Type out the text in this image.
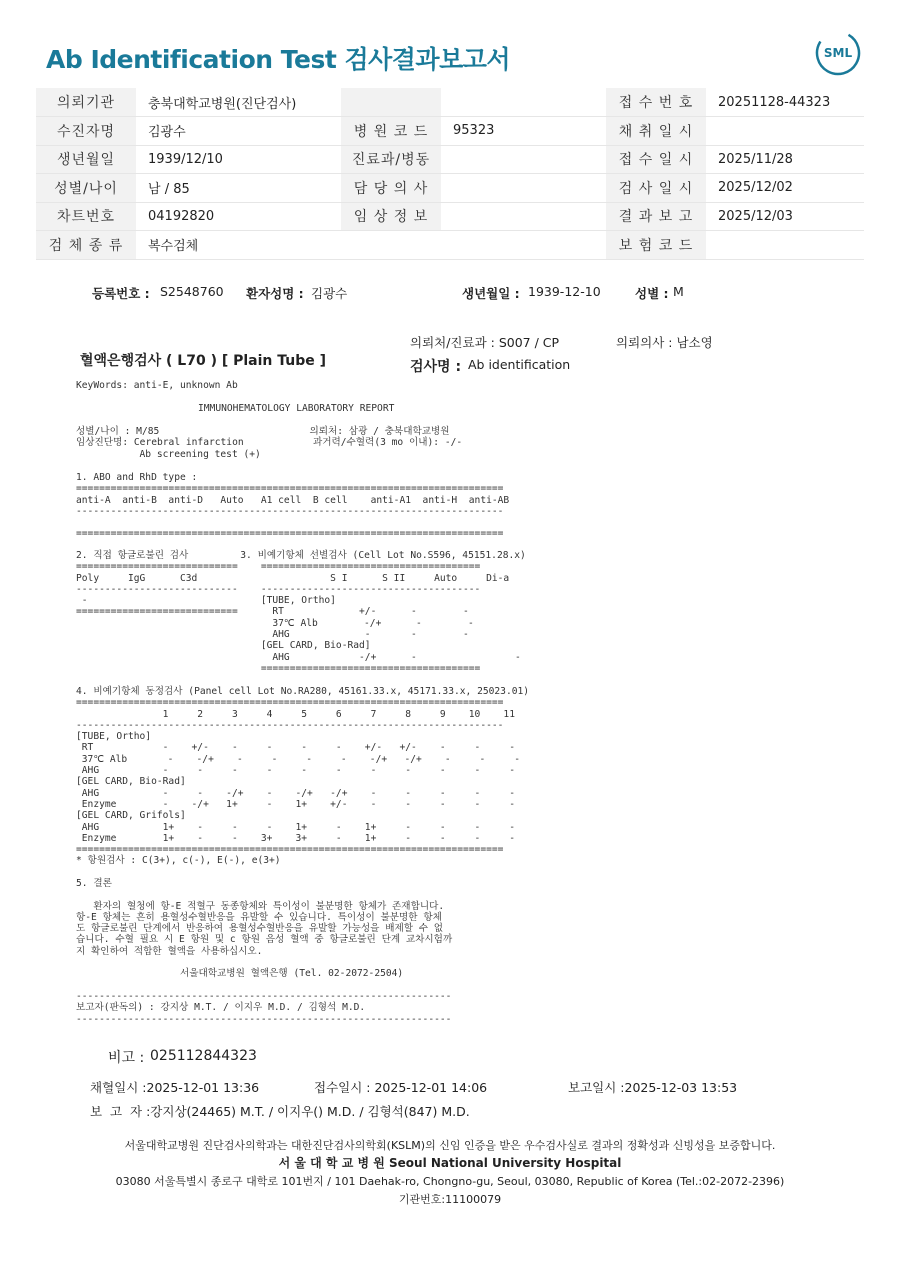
Ab Identification Test 검사결과보고서	SML
의뢰기관	충북대학교병원(진단검사)			접 수 번 호	20251128-44323
수진자명	김광수	병 원 코 드	95323	채 취 일 시	
생년월일	1939/12/10	진료과/병동		접 수 일 시	2025/11/28
성별/나이	남 / 85	담 당 의 사		검 사 일 시	2025/12/02
차트번호	04192820	임 상 정 보		결 과 보 고	2025/12/03
검 체 종 류	복수검체			보 험 코 드	
등록번호 : S2548760 환자성명 : 김광수	생년월일 : 1939-12-10	성별 : M
의뢰처/진료과 : S007 / CP	의뢰의사 : 남소영
혈액은행검사 ( L70 ) [ Plain Tube ]	검사명 : Ab identification
KeyWords: anti-E, unknown Ab
IMMUNOHEMATOLOGY LABORATORY REPORT
성별/나이 : M/85                          의뢰처: 삼광 / 충북대학교병원
임상진단명: Cerebral infarction            과거력/수혈력(3 mo 이내): -/-
Ab screening test (+)
1. ABO and RhD type :
==========================================================================
anti-A  anti-B  anti-D   Auto   A1 cell  B cell    anti-A1  anti-H  anti-AB
--------------------------------------------------------------------------

==========================================================================
2. 직접 항글로불린 검사         3. 비예기항체 선별검사 (Cell Lot No.S596, 45151.28.x)
============================    ======================================
Poly     IgG      C3d                       S I      S II     Auto     Di-a
----------------------------    --------------------------------------
-                              [TUBE, Ortho]
============================      RT             +/-      -        -
37℃ Alb        -/+      -        -
AHG             -       -        -
[GEL CARD, Bio-Rad]
AHG            -/+      -                 -
======================================
4. 비예기항체 동정검사 (Panel cell Lot No.RA280, 45161.33.x, 45171.33.x, 25023.01)
==========================================================================
1     2     3     4     5     6     7     8     9    10    11
--------------------------------------------------------------------------
[TUBE, Ortho]
RT            -    +/-    -     -     -     -    +/-   +/-    -     -     -
37℃ Alb       -    -/+    -     -     -     -    -/+   -/+    -     -     -
AHG           -     -     -     -     -     -     -     -     -     -     -
[GEL CARD, Bio-Rad]
AHG           -     -    -/+    -    -/+   -/+    -     -     -     -     -
Enzyme        -    -/+   1+     -    1+    +/-    -     -     -     -     -
[GEL CARD, Grifols]
AHG           1+    -     -     -    1+     -    1+     -     -     -     -
Enzyme        1+    -     -    3+    3+     -    1+     -     -     -     -
==========================================================================
* 항원검사 : C(3+), c(-), E(-), e(3+)
5. 결론

환자의 혈청에 항-E 적혈구 동종항체와 특이성이 불분명한 항체가 존재합니다.
항-E 항체는 흔히 용혈성수혈반응을 유발할 수 있습니다. 특이성이 불분명한 항체
도 항글로불린 단계에서 반응하여 용혈성수혈반응을 유발할 가능성을 배제할 수 없
습니다. 수혈 필요 시 E 항원 및 c 항원 음성 혈액 중 항글로불린 단계 교차시험까
지 확인하여 적합한 혈액을 사용하십시오.

서울대학교병원 혈액은행 (Tel. 02-2072-2504)

-----------------------------------------------------------------
보고자(판독의) : 강지상 M.T. / 이지우 M.D. / 김형석 M.D.
-----------------------------------------------------------------
비고 : 025112844323
채혈일시 :2025-12-01 13:36	접수일시 : 2025-12-01 14:06	보고일시 :2025-12-03 13:53
보  고  자 :강지상(24465) M.T. / 이지우() M.D. / 김형석(847) M.D.
서울대학교병원 진단검사의학과는 대한진단검사의학회(KSLM)의 신임 인증을 받은 우수검사실로 결과의 정확성과 신빙성을 보증합니다.
서 울 대 학 교 병 원 Seoul National University Hospital
03080 서울특별시 종로구 대학로 101번지 / 101 Daehak-ro, Chongno-gu, Seoul, 03080, Republic of Korea (Tel.:02-2072-2396)
기관번호:11100079
